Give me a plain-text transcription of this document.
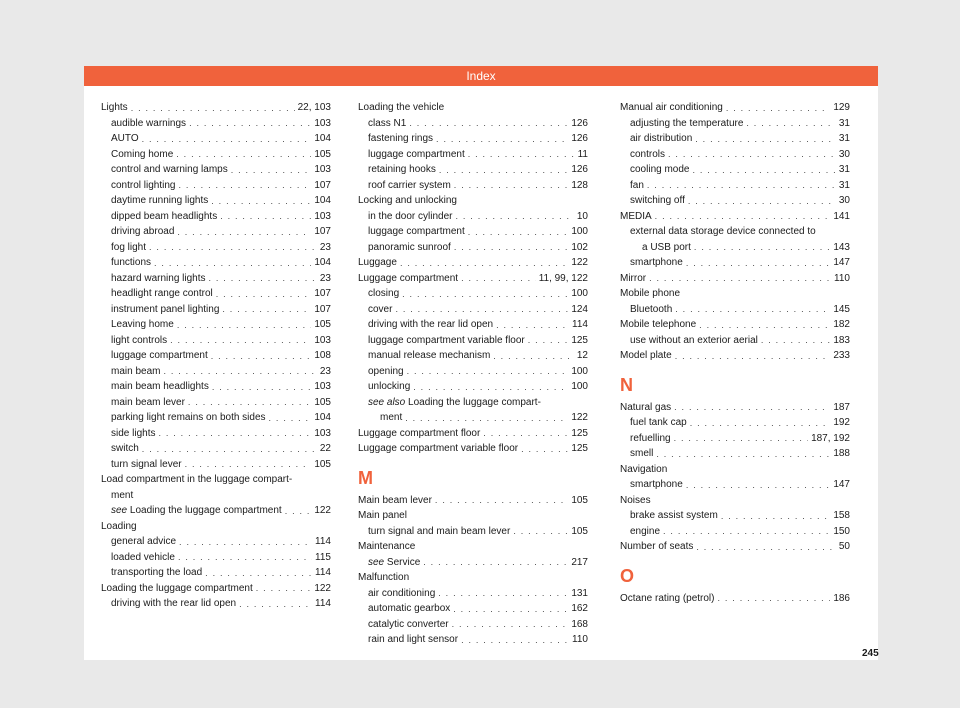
Index
Lights . . .	22, 103
audible warnings . . .	103
AUTO . . .	104
Coming home . . .	105
control and warning lamps . . .	103
control lighting . . .	107
daytime running lights . . .	104
dipped beam headlights . . .	103
driving abroad . . .	107
fog light . . .	23
functions . . .	104
hazard warning lights . . .	23
headlight range control . . .	107
instrument panel lighting . . .	107
Leaving home . . .	105
light controls . . .	103
luggage compartment . . .	108
main beam . . .	23
main beam headlights . . .	103
main beam lever . . .	105
parking light remains on both sides . . .	104
side lights . . .	103
switch . . .	22
turn signal lever . . .	105
Load compartment in the luggage compart-
ment
see Loading the luggage compartment . . .	122
Loading
general advice . . .	114
loaded vehicle . . .	115
transporting the load . . .	114
Loading the luggage compartment . . .	122
driving with the rear lid open . . .	114
Loading the vehicle
class N1 . . .	126
fastening rings . . .	126
luggage compartment . . .	11
retaining hooks . . .	126
roof carrier system . . .	128
Locking and unlocking
in the door cylinder . . .	10
luggage compartment . . .	100
panoramic sunroof . . .	102
Luggage . . .	122
Luggage compartment . . .	11, 99, 122
closing . . .	100
cover . . .	124
driving with the rear lid open . . .	114
luggage compartment variable floor . . .	125
manual release mechanism . . .	12
opening . . .	100
unlocking . . .	100
see also Loading the luggage compart-
ment . . .	122
Luggage compartment floor . . .	125
Luggage compartment variable floor . . .	125
M
Main beam lever . . .	105
Main panel
turn signal and main beam lever . . .	105
Maintenance
see Service . . .	217
Malfunction
air conditioning . . .	131
automatic gearbox . . .	162
catalytic converter . . .	168
rain and light sensor . . .	110
Manual air conditioning . . .	129
adjusting the temperature . . .	31
air distribution . . .	31
controls . . .	30
cooling mode . . .	31
fan . . .	31
switching off . . .	30
MEDIA . . .	141
external data storage device connected to
a USB port . . .	143
smartphone . . .	147
Mirror . . .	110
Mobile phone
Bluetooth . . .	145
Mobile telephone . . .	182
use without an exterior aerial . . .	183
Model plate . . .	233
N
Natural gas . . .	187
fuel tank cap . . .	192
refuelling . . .	187, 192
smell . . .	188
Navigation
smartphone . . .	147
Noises
brake assist system . . .	158
engine . . .	150
Number of seats . . .	50
O
Octane rating (petrol) . . .	186
245
